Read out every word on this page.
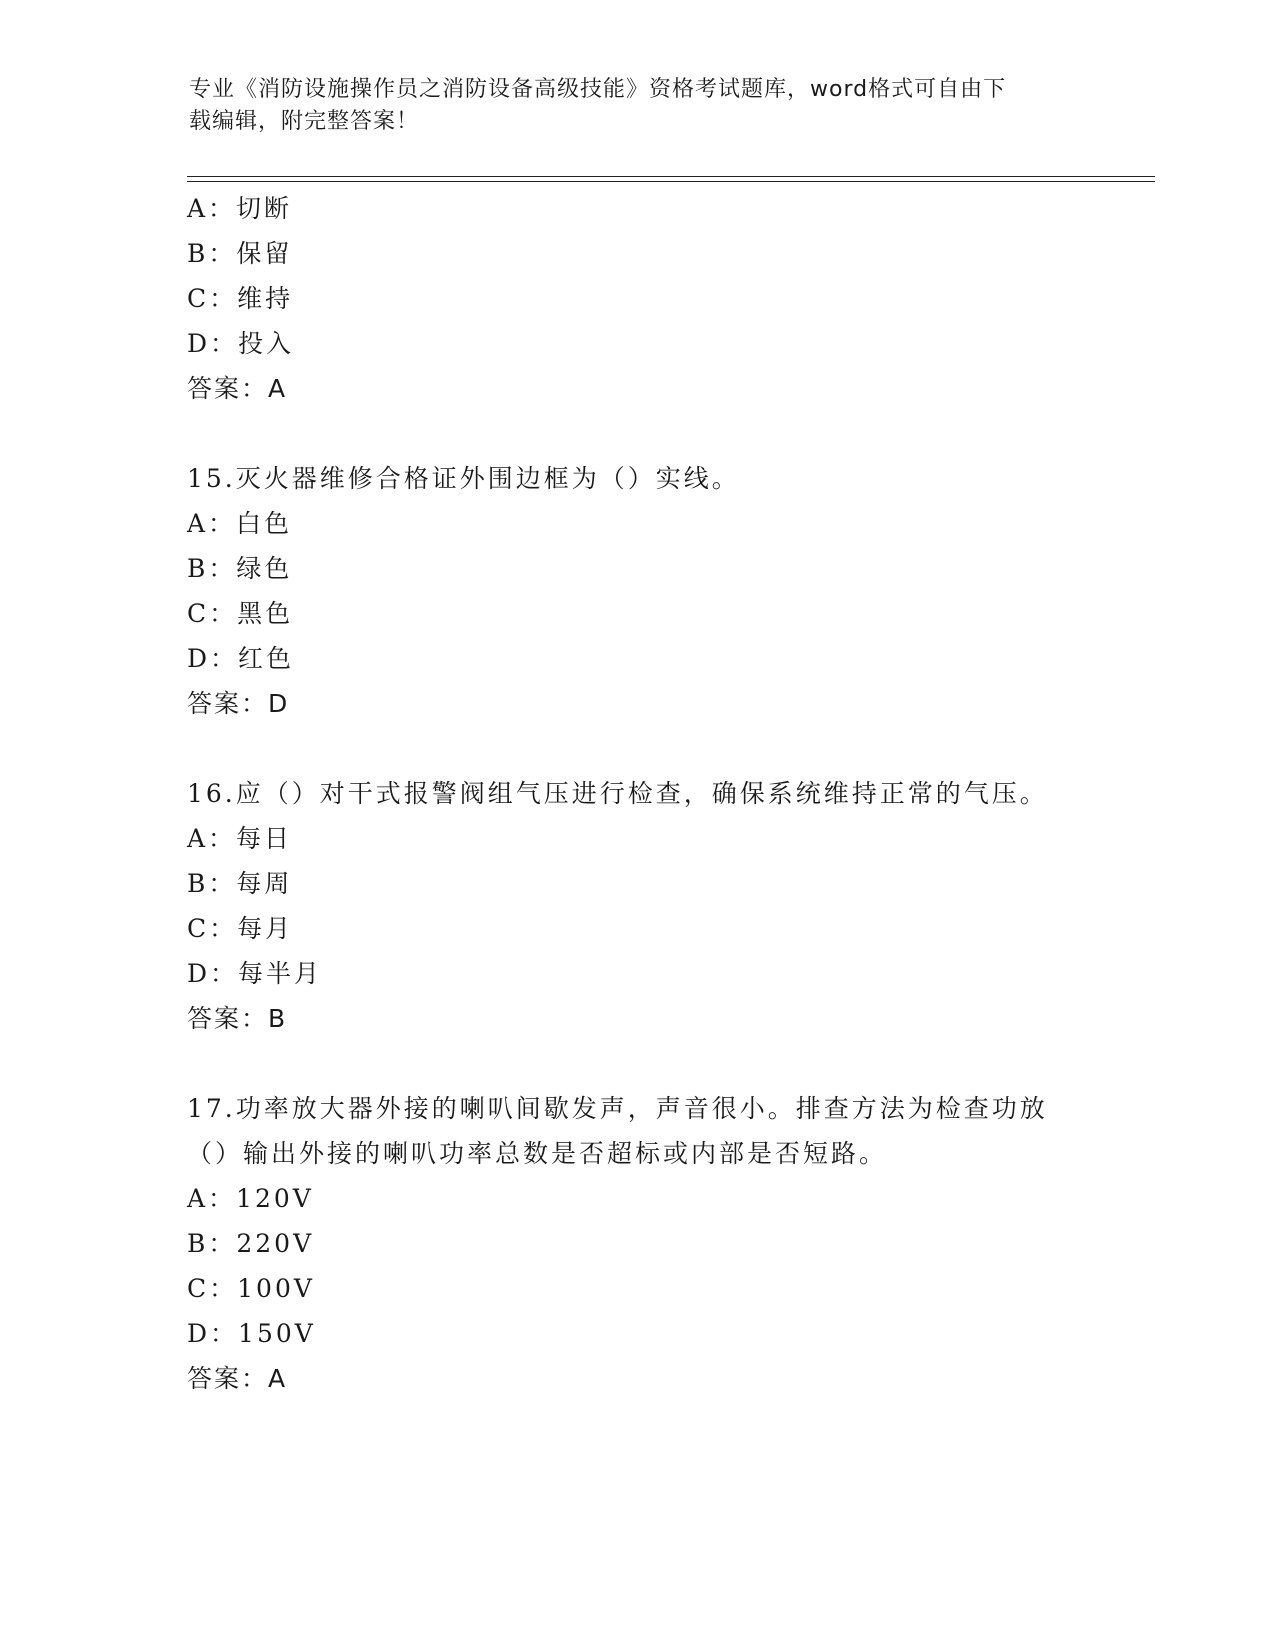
专业《消防设施操作员之消防设备高级技能》资格考试题库，word格式可自由下
载编辑，附完整答案！
A：切断
B：保留
C：维持
D：投入
答案：A
15.灭火器维修合格证外围边框为（）实线。
A：白色
B：绿色
C：黑色
D：红色
答案：D
16.应（）对干式报警阀组气压进行检查，确保系统维持正常的气压。
A：每日
B：每周
C：每月
D：每半月
答案：B
17.功率放大器外接的喇叭间歇发声，声音很小。排查方法为检查功放
（）输出外接的喇叭功率总数是否超标或内部是否短路。
A：120V
B：220V
C：100V
D：150V
答案：A
